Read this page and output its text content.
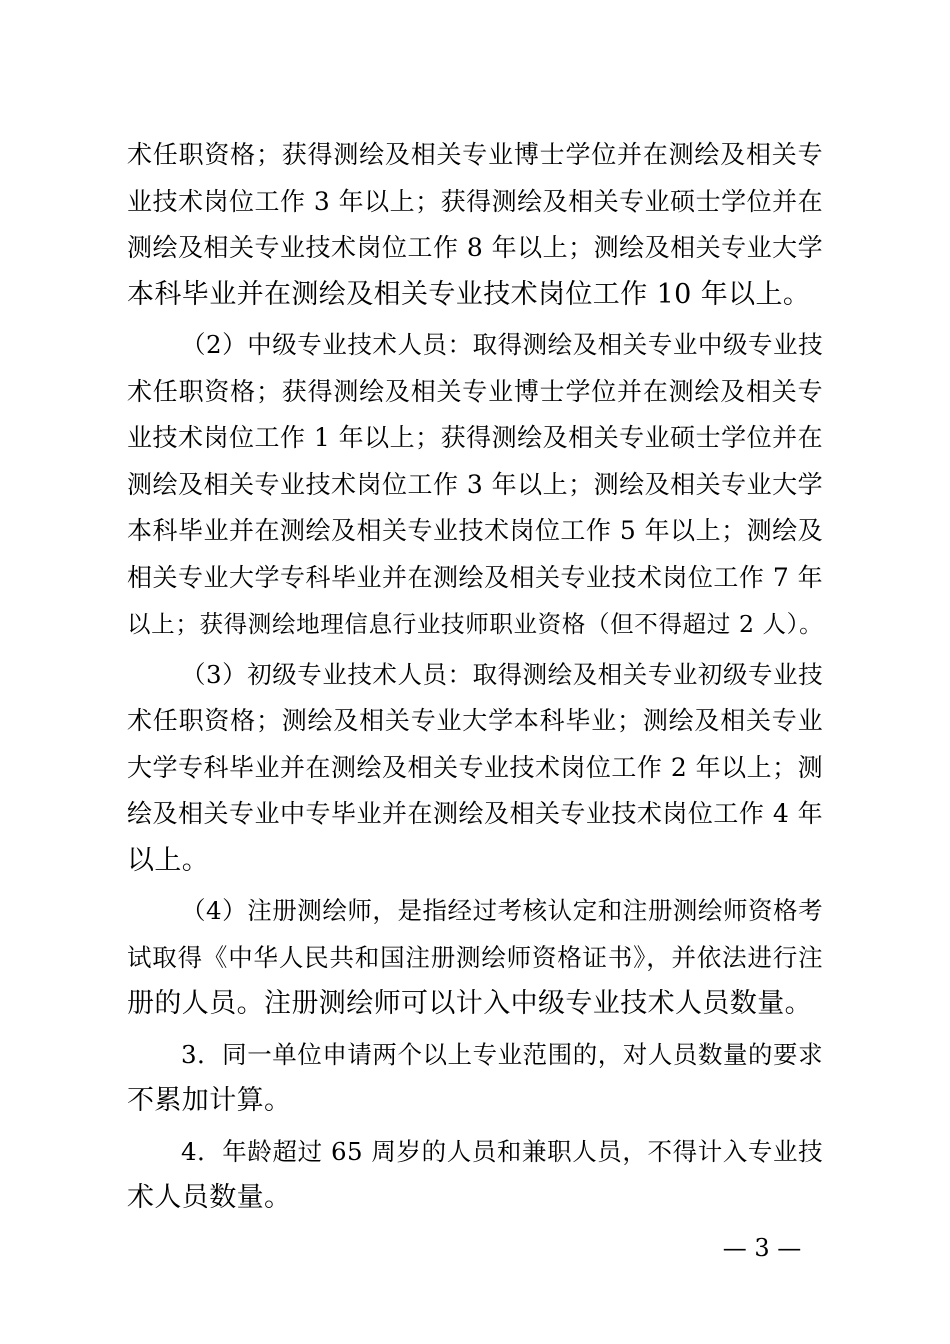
术任职资格；获得测绘及相关专业博士学位并在测绘及相关专
业技术岗位工作 3 年以上；获得测绘及相关专业硕士学位并在
测绘及相关专业技术岗位工作 8 年以上；测绘及相关专业大学
本科毕业并在测绘及相关专业技术岗位工作 10 年以上。
（2）中级专业技术人员：取得测绘及相关专业中级专业技
术任职资格；获得测绘及相关专业博士学位并在测绘及相关专
业技术岗位工作 1 年以上；获得测绘及相关专业硕士学位并在
测绘及相关专业技术岗位工作 3 年以上；测绘及相关专业大学
本科毕业并在测绘及相关专业技术岗位工作 5 年以上；测绘及
相关专业大学专科毕业并在测绘及相关专业技术岗位工作 7 年
以上；获得测绘地理信息行业技师职业资格（但不得超过 2 人）。
（3）初级专业技术人员：取得测绘及相关专业初级专业技
术任职资格；测绘及相关专业大学本科毕业；测绘及相关专业
大学专科毕业并在测绘及相关专业技术岗位工作 2 年以上；测
绘及相关专业中专毕业并在测绘及相关专业技术岗位工作 4 年
以上。
（4）注册测绘师，是指经过考核认定和注册测绘师资格考
试取得《中华人民共和国注册测绘师资格证书》，并依法进行注
册的人员。注册测绘师可以计入中级专业技术人员数量。
3．同一单位申请两个以上专业范围的，对人员数量的要求
不累加计算。
4．年龄超过 65 周岁的人员和兼职人员，不得计入专业技
术人员数量。
— 3 —
